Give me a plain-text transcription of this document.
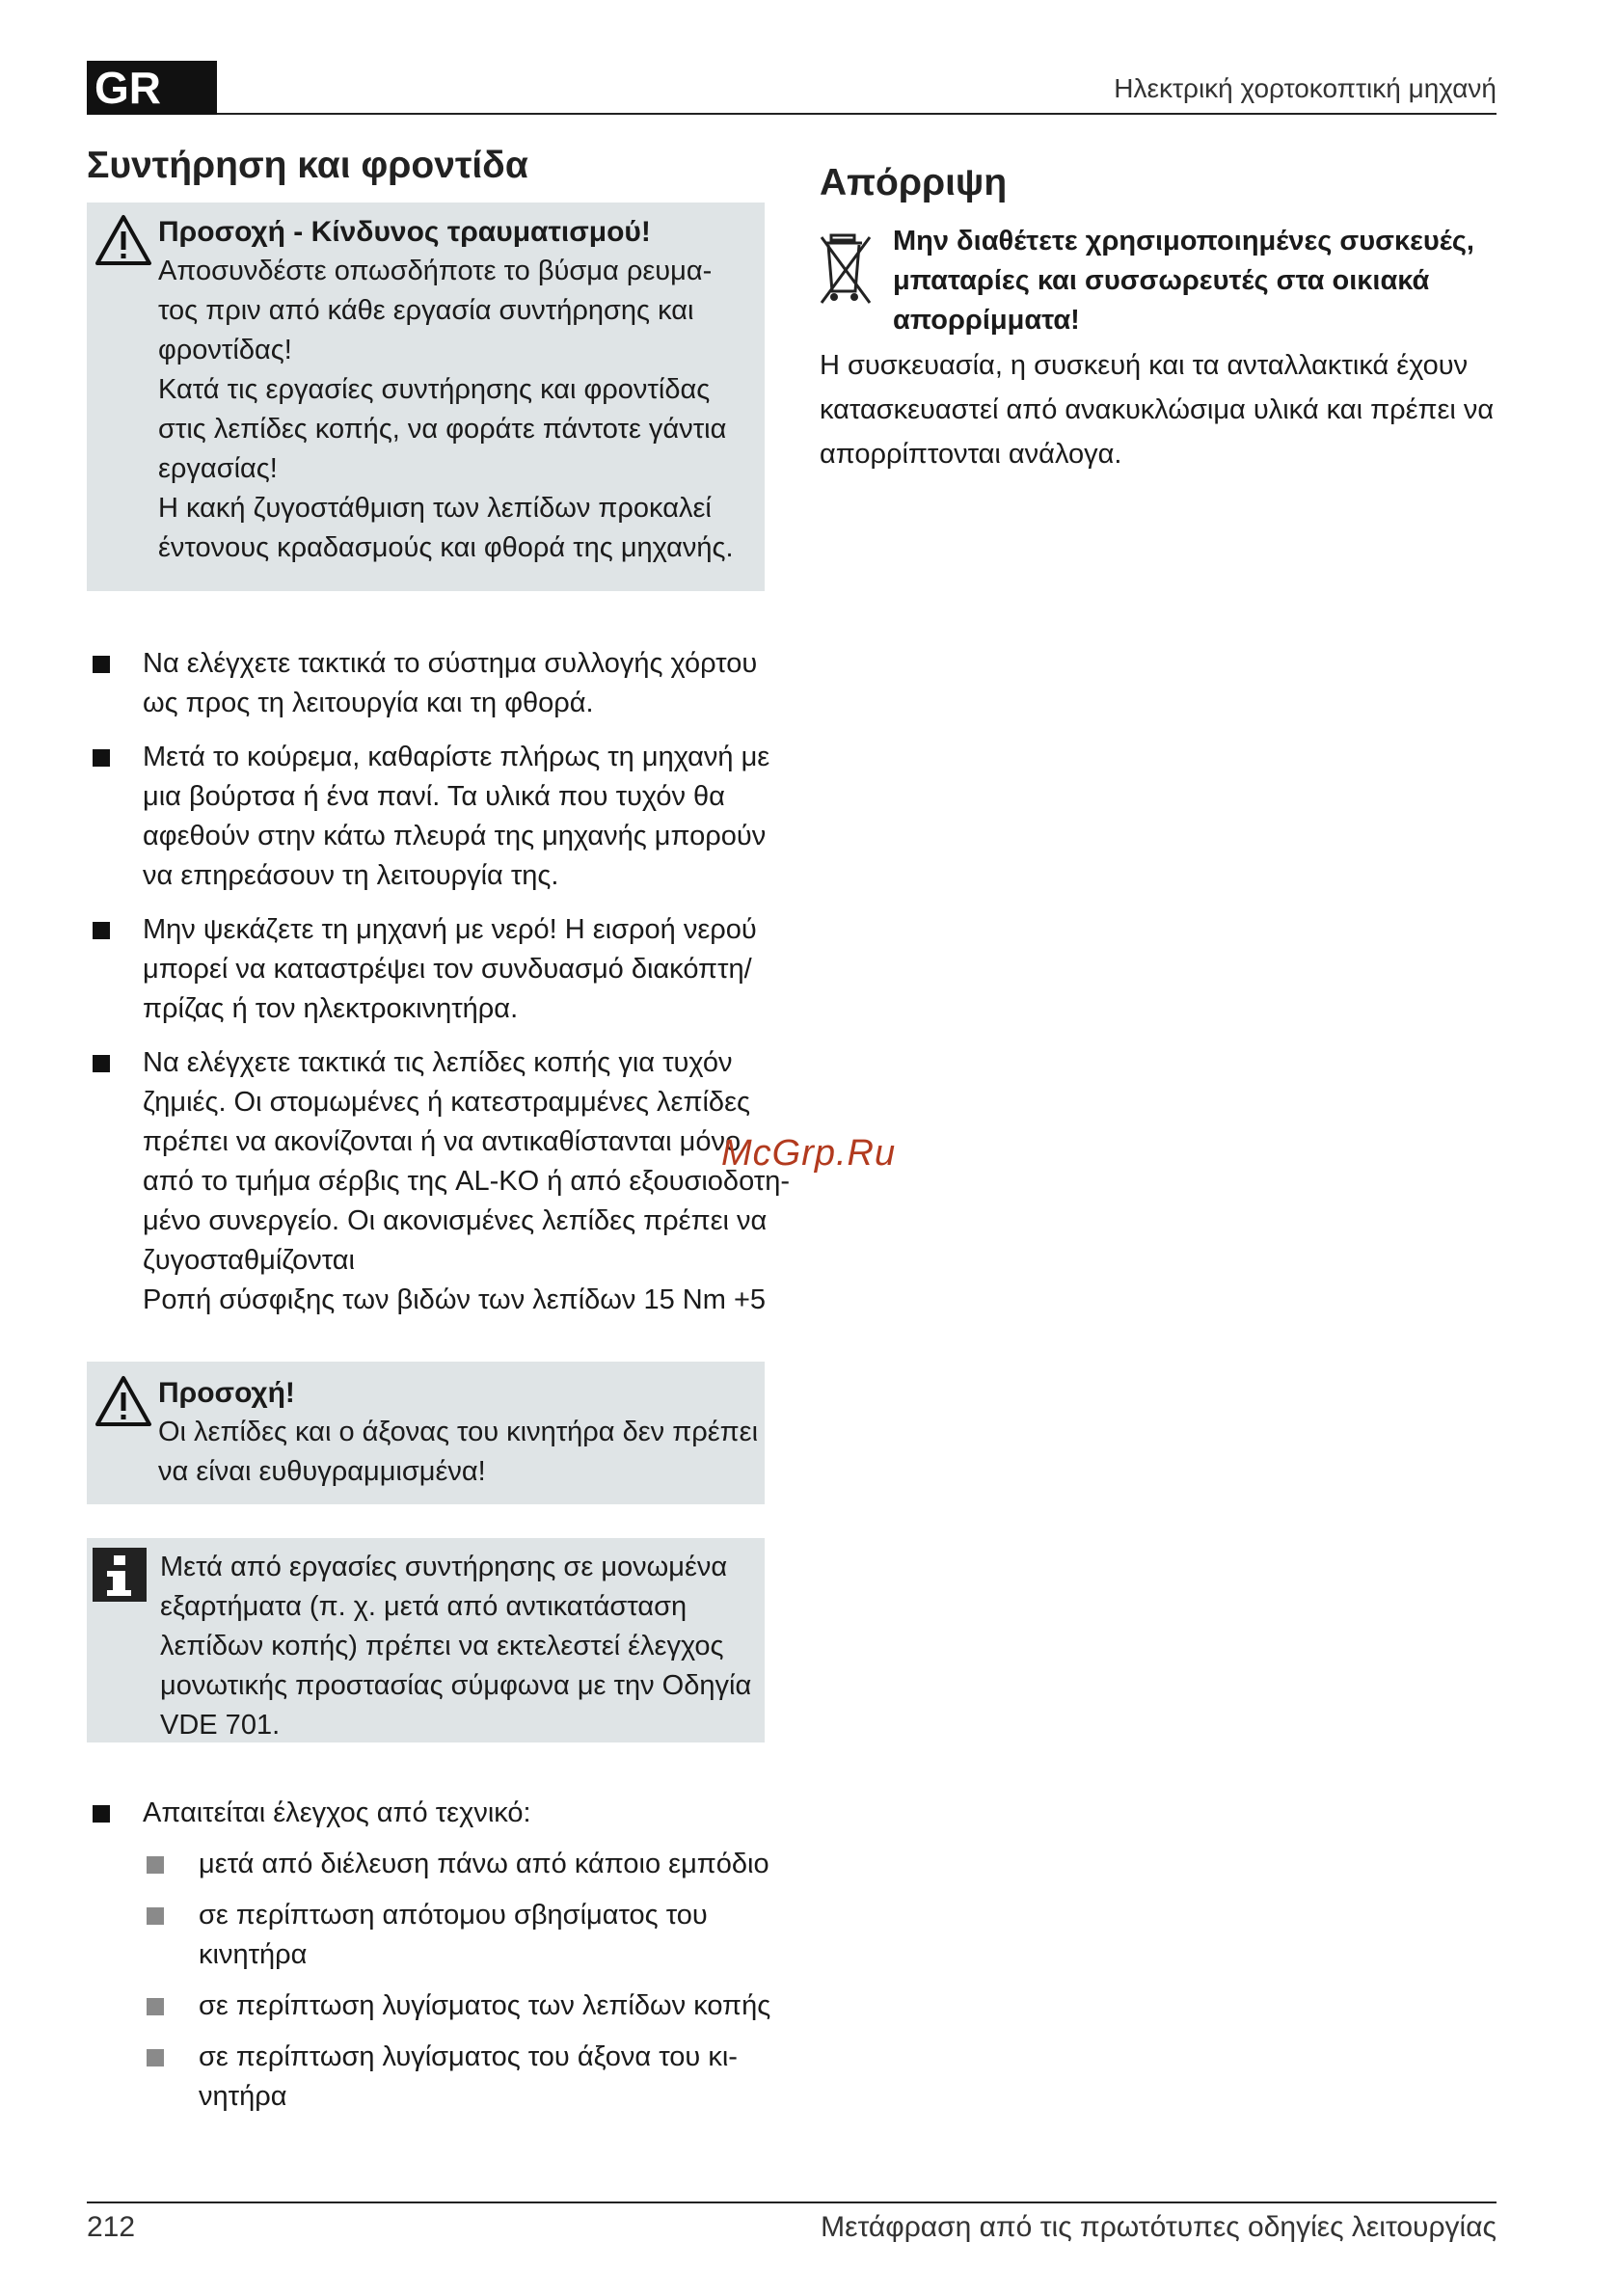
GR	Ηλεκτρική χορτοκοπτική μηχανή
Συντήρηση και φροντίδα

Προσοχή - Κίνδυνος τραυματισμού!

Αποσυνδέστε οπωσδήποτε το βύσμα ρευμα-

τος πριν από κάθε εργασία συντήρησης και

φροντίδας!

Κατά τις εργασίες συντήρησης και φροντίδας

στις λεπίδες κοπής, να φοράτε πάντοτε γάντια

εργασίας!

Η κακή ζυγοστάθμιση των λεπίδων προκαλεί

έντονους κραδασμούς και φθορά της μηχανής.

Να ελέγχετε τακτικά το σύστημα συλλογής χόρτου
ως προς τη λειτουργία και τη φθορά.
Μετά το κούρεμα, καθαρίστε πλήρως τη μηχανή με
μια βούρτσα ή ένα πανί. Τα υλικά που τυχόν θα
αφεθούν στην κάτω πλευρά της μηχανής μπορούν
να επηρεάσουν τη λειτουργία της.
Μην ψεκάζετε τη μηχανή με νερό! Η εισροή νερού
μπορεί να καταστρέψει τον συνδυασμό διακόπτη/
πρίζας ή τον ηλεκτροκινητήρα.
Να ελέγχετε τακτικά τις λεπίδες κοπής για τυχόν
ζημιές. Οι στομωμένες ή κατεστραμμένες λεπίδες
πρέπει να ακονίζονται ή να αντικαθίστανται μόνο
από το τμήμα σέρβις της AL-KO ή από εξουσιοδοτη-
μένο συνεργείο. Οι ακονισμένες λεπίδες πρέπει να
ζυγοσταθμίζονται
Ροπή σύσφιξης των βιδών των λεπίδων 15 Nm +5

Προσοχή!

Οι λεπίδες και ο άξονας του κινητήρα δεν πρέπει

να είναι ευθυγραμμισμένα!

Μετά από εργασίες συντήρησης σε μονωμένα

εξαρτήματα (π. χ. μετά από αντικατάσταση

λεπίδων κοπής) πρέπει να εκτελεστεί έλεγχος

μονωτικής προστασίας σύμφωνα με την Οδηγία

VDE 701.

Απαιτείται έλεγχος από τεχνικό:
μετά από διέλευση πάνω από κάποιο εμπόδιο
σε περίπτωση απότομου σβησίματος του
κινητήρα
σε περίπτωση λυγίσματος των λεπίδων κοπής
σε περίπτωση λυγίσματος του άξονα του κι-
νητήρα
Απόρριψη

Μην διαθέτετε χρησιμοποιημένες συσκευές,

μπαταρίες και συσσωρευτές στα οικιακά

απορρίμματα!

Η συσκευασία, η συσκευή και τα ανταλλακτικά έχουν

κατασκευαστεί από ανακυκλώσιμα υλικά και πρέπει να

απορρίπτονται ανάλογα.

McGrp.Ru
212	Μετάφραση από τις πρωτότυπες οδηγίες λειτουργίας
